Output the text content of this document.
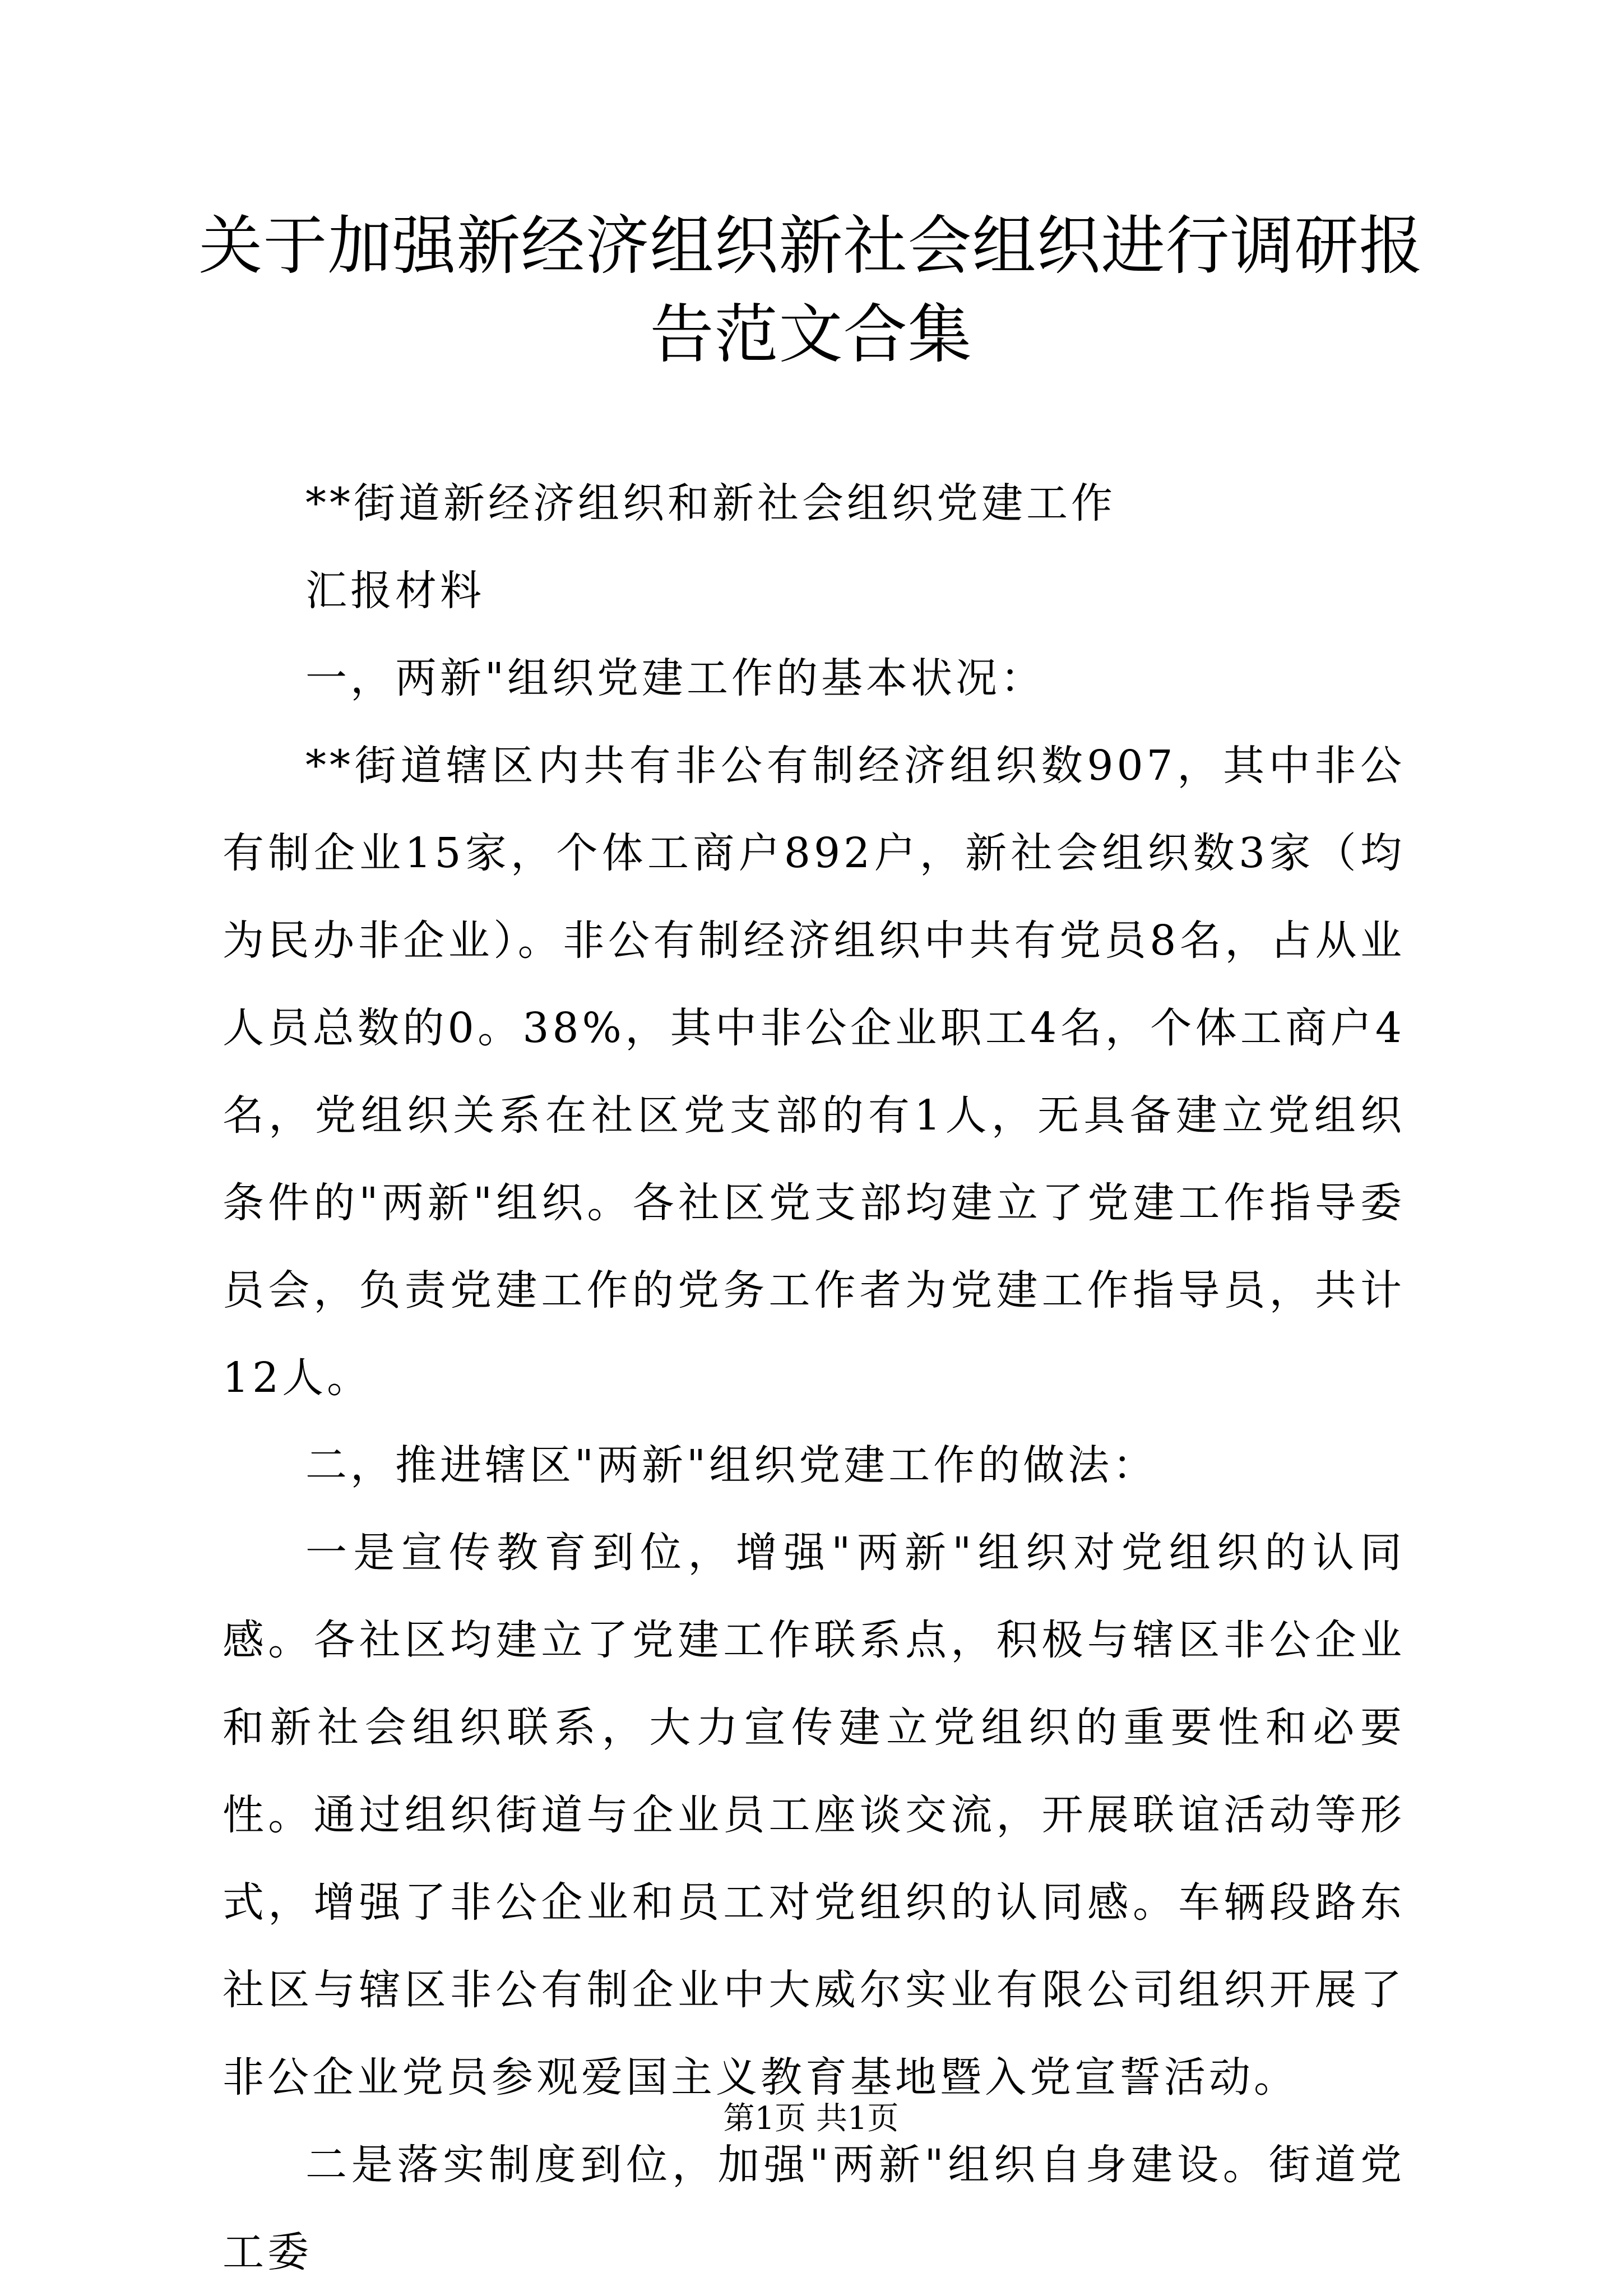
关于加强新经济组织新社会组织进行调研报告范文合集

**街道新经济组织和新社会组织党建工作

汇报材料

一，两新"组织党建工作的基本状况：

**街道辖区内共有非公有制经济组织数907，其中非公有制企业15家，个体工商户892户，新社会组织数3家（均为民办非企业）。非公有制经济组织中共有党员8名，占从业人员总数的0。38%，其中非公企业职工4名，个体工商户4名，党组织关系在社区党支部的有1人，无具备建立党组织条件的"两新"组织。各社区党支部均建立了党建工作指导委员会，负责党建工作的党务工作者为党建工作指导员，共计12人。

二，推进辖区"两新"组织党建工作的做法：

一是宣传教育到位，增强"两新"组织对党组织的认同感。各社区均建立了党建工作联系点，积极与辖区非公企业和新社会组织联系，大力宣传建立党组织的重要性和必要性。通过组织街道与企业员工座谈交流，开展联谊活动等形式，增强了非公企业和员工对党组织的认同感。车辆段路东社区与辖区非公有制企业中大威尔实业有限公司组织开展了非公企业党员参观爱国主义教育基地暨入党宣誓活动。

二是落实制度到位，加强"两新"组织自身建设。街道党工委

第1页 共1页
